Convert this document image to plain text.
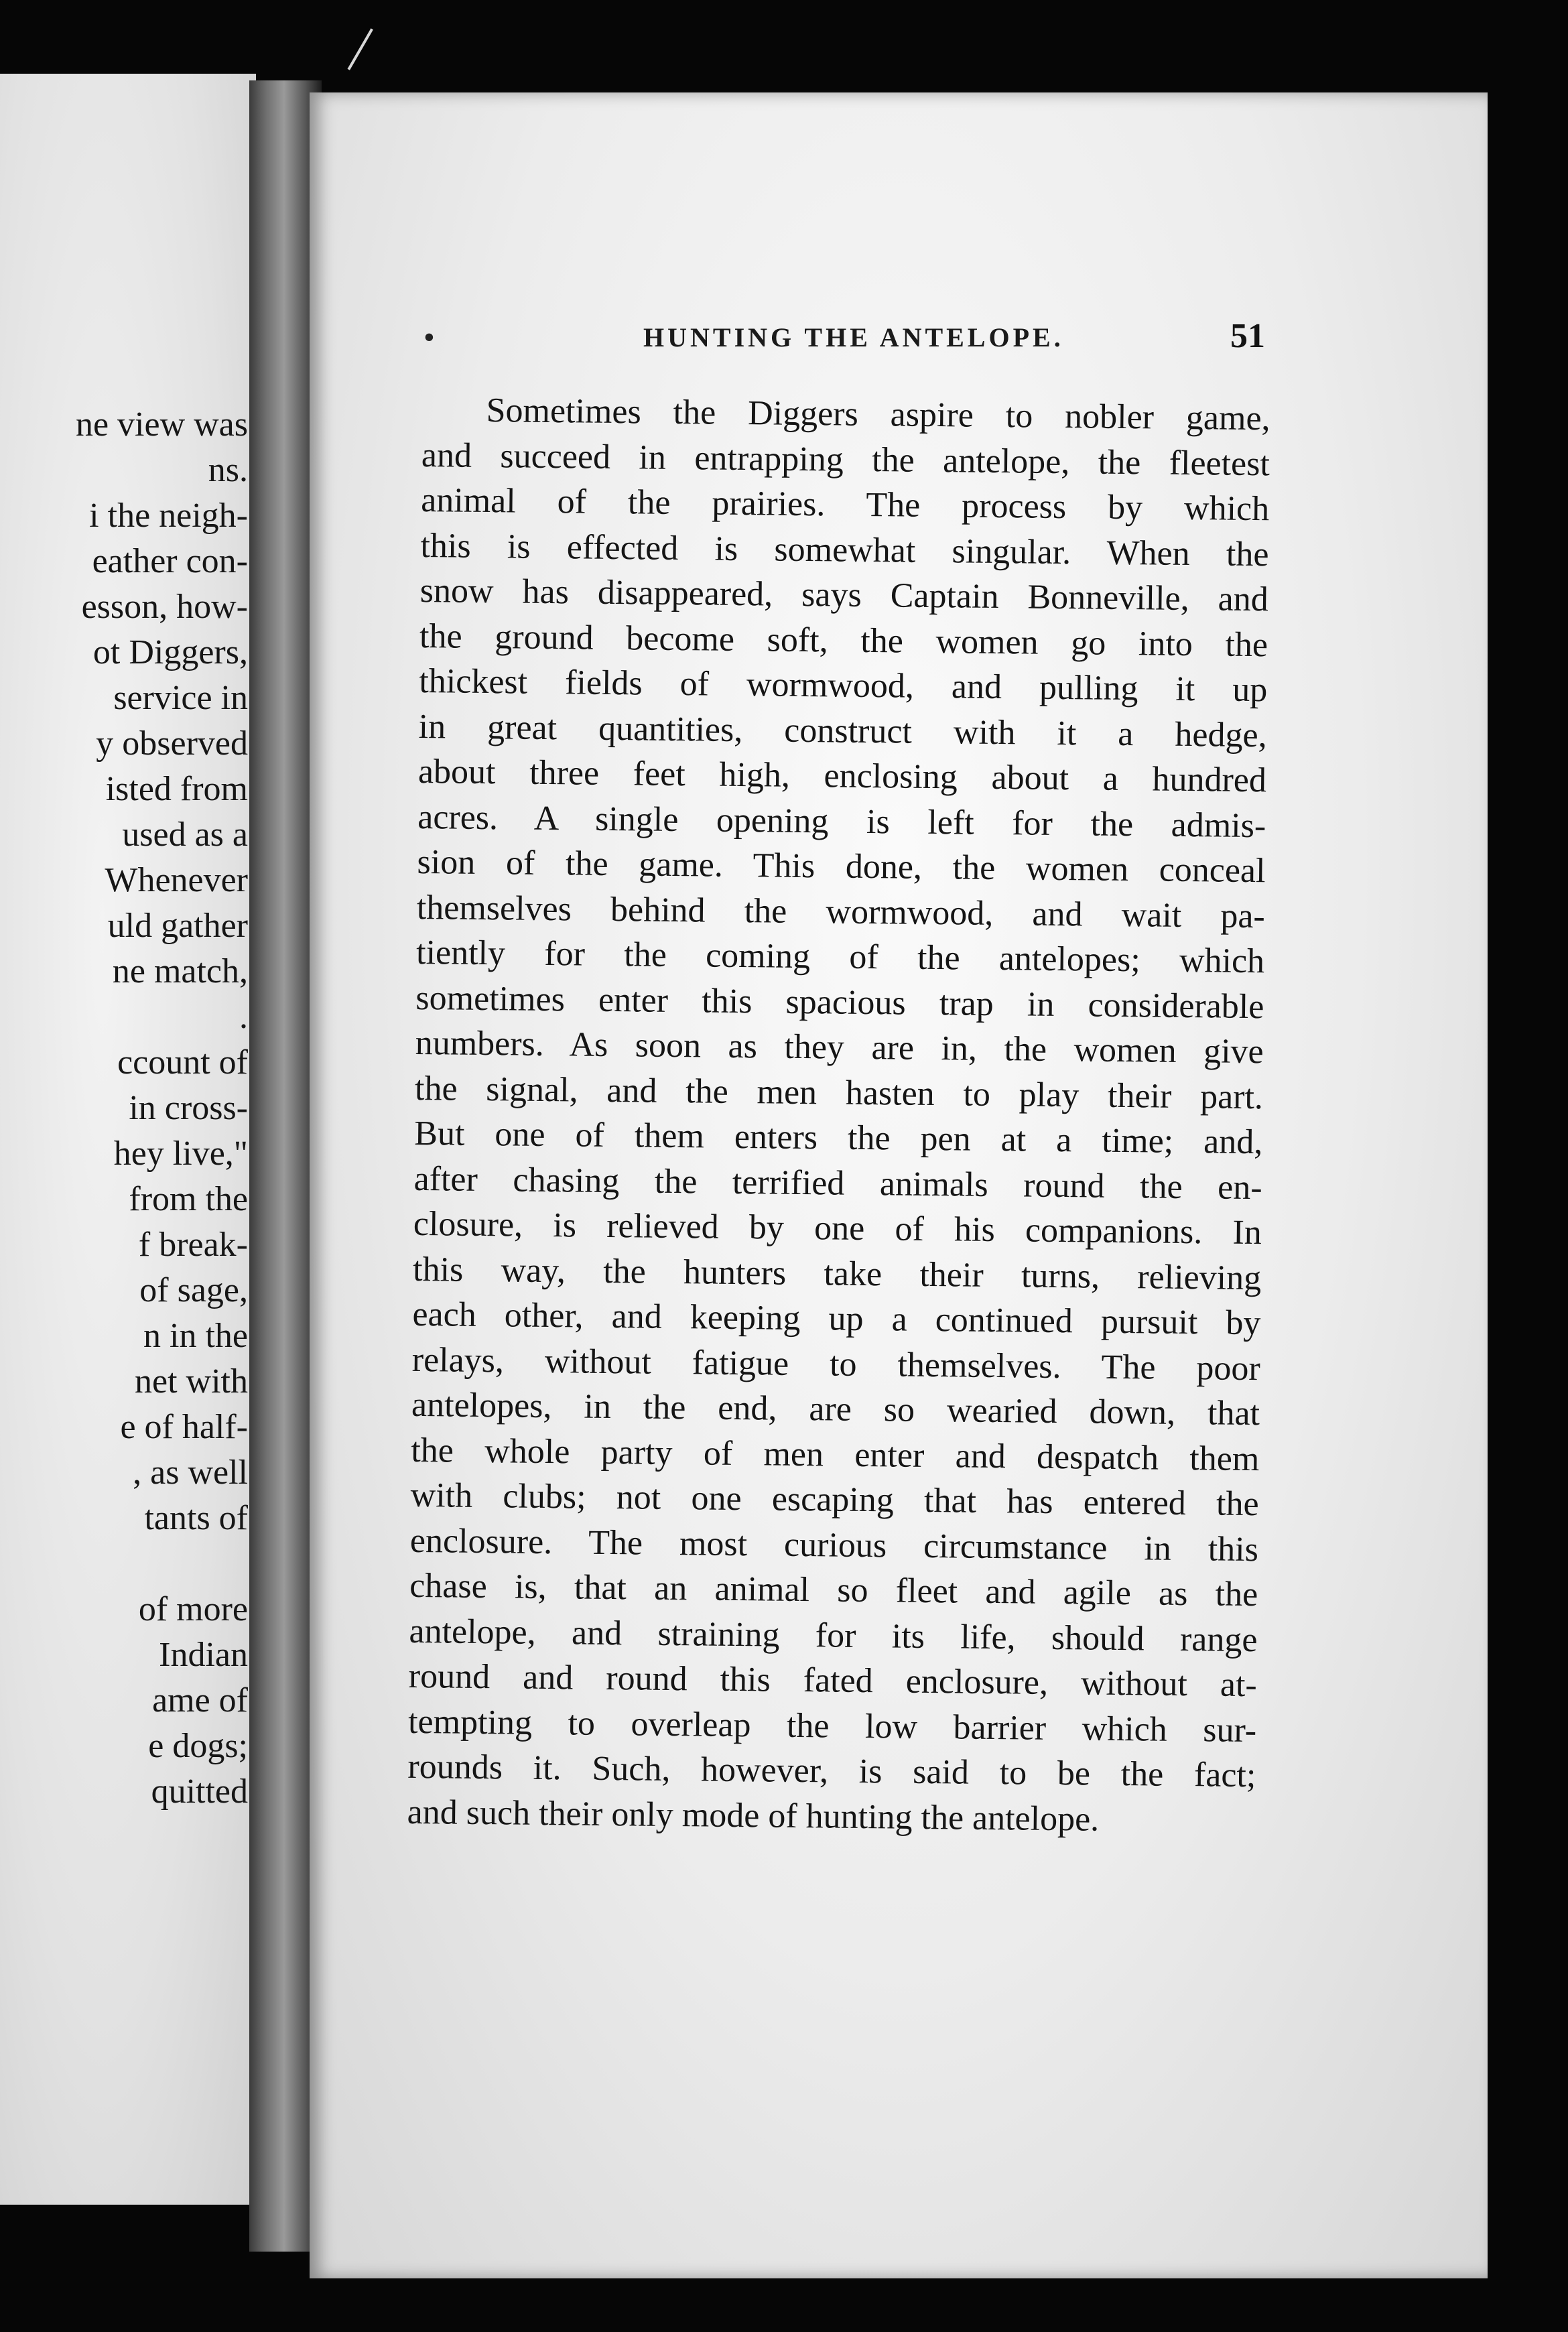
ne view was
ns.
i the neigh-
eather con-
esson, how-
ot Diggers,
service in
y observed
isted from
used as a
Whenever
uld gather
ne match,
.
ccount of
in cross-
hey live,"
from the
f break-
of sage,
n in the
net with
e of half-
, as well
tants of
of more
Indian
ame of
e dogs;
quitted
•	HUNTING THE ANTELOPE.	51

Sometimes the Diggers aspire to nobler game,

and succeed in entrapping the antelope, the fleetest

animal of the prairies. The process by which

this is effected is somewhat singular. When the

snow has disappeared, says Captain Bonneville, and

the ground become soft, the women go into the

thickest fields of wormwood, and pulling it up

in great quantities, construct with it a hedge,

about three feet high, enclosing about a hundred

acres. A single opening is left for the admis-

sion of the game. This done, the women conceal

themselves behind the wormwood, and wait pa-

tiently for the coming of the antelopes; which

sometimes enter this spacious trap in considerable

numbers. As soon as they are in, the women give

the signal, and the men hasten to play their part.

But one of them enters the pen at a time; and,

after chasing the terrified animals round the en-

closure, is relieved by one of his companions. In

this way, the hunters take their turns, relieving

each other, and keeping up a continued pursuit by

relays, without fatigue to themselves. The poor

antelopes, in the end, are so wearied down, that

the whole party of men enter and despatch them

with clubs; not one escaping that has entered the

enclosure. The most curious circumstance in this

chase is, that an animal so fleet and agile as the

antelope, and straining for its life, should range

round and round this fated enclosure, without at-

tempting to overleap the low barrier which sur-

rounds it. Such, however, is said to be the fact;

and such their only mode of hunting the antelope.
